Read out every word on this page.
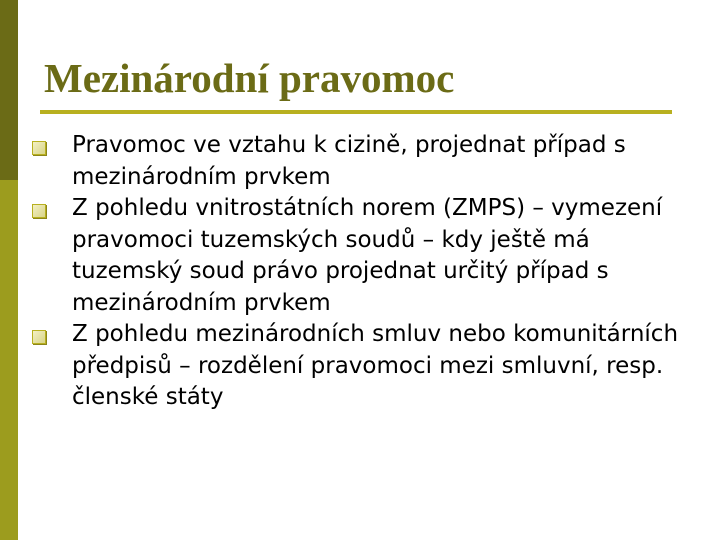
Mezinárodní pravomoc
Pravomoc ve vztahu k cizině, projednat případ s mezinárodním prvkem
Z pohledu vnitrostátních norem (ZMPS) – vymezení pravomoci tuzemských soudů – kdy ještě má tuzemský soud právo projednat určitý případ s mezinárodním prvkem
Z pohledu mezinárodních smluv nebo komunitárních předpisů – rozdělení pravomoci mezi smluvní, resp. členské státy
